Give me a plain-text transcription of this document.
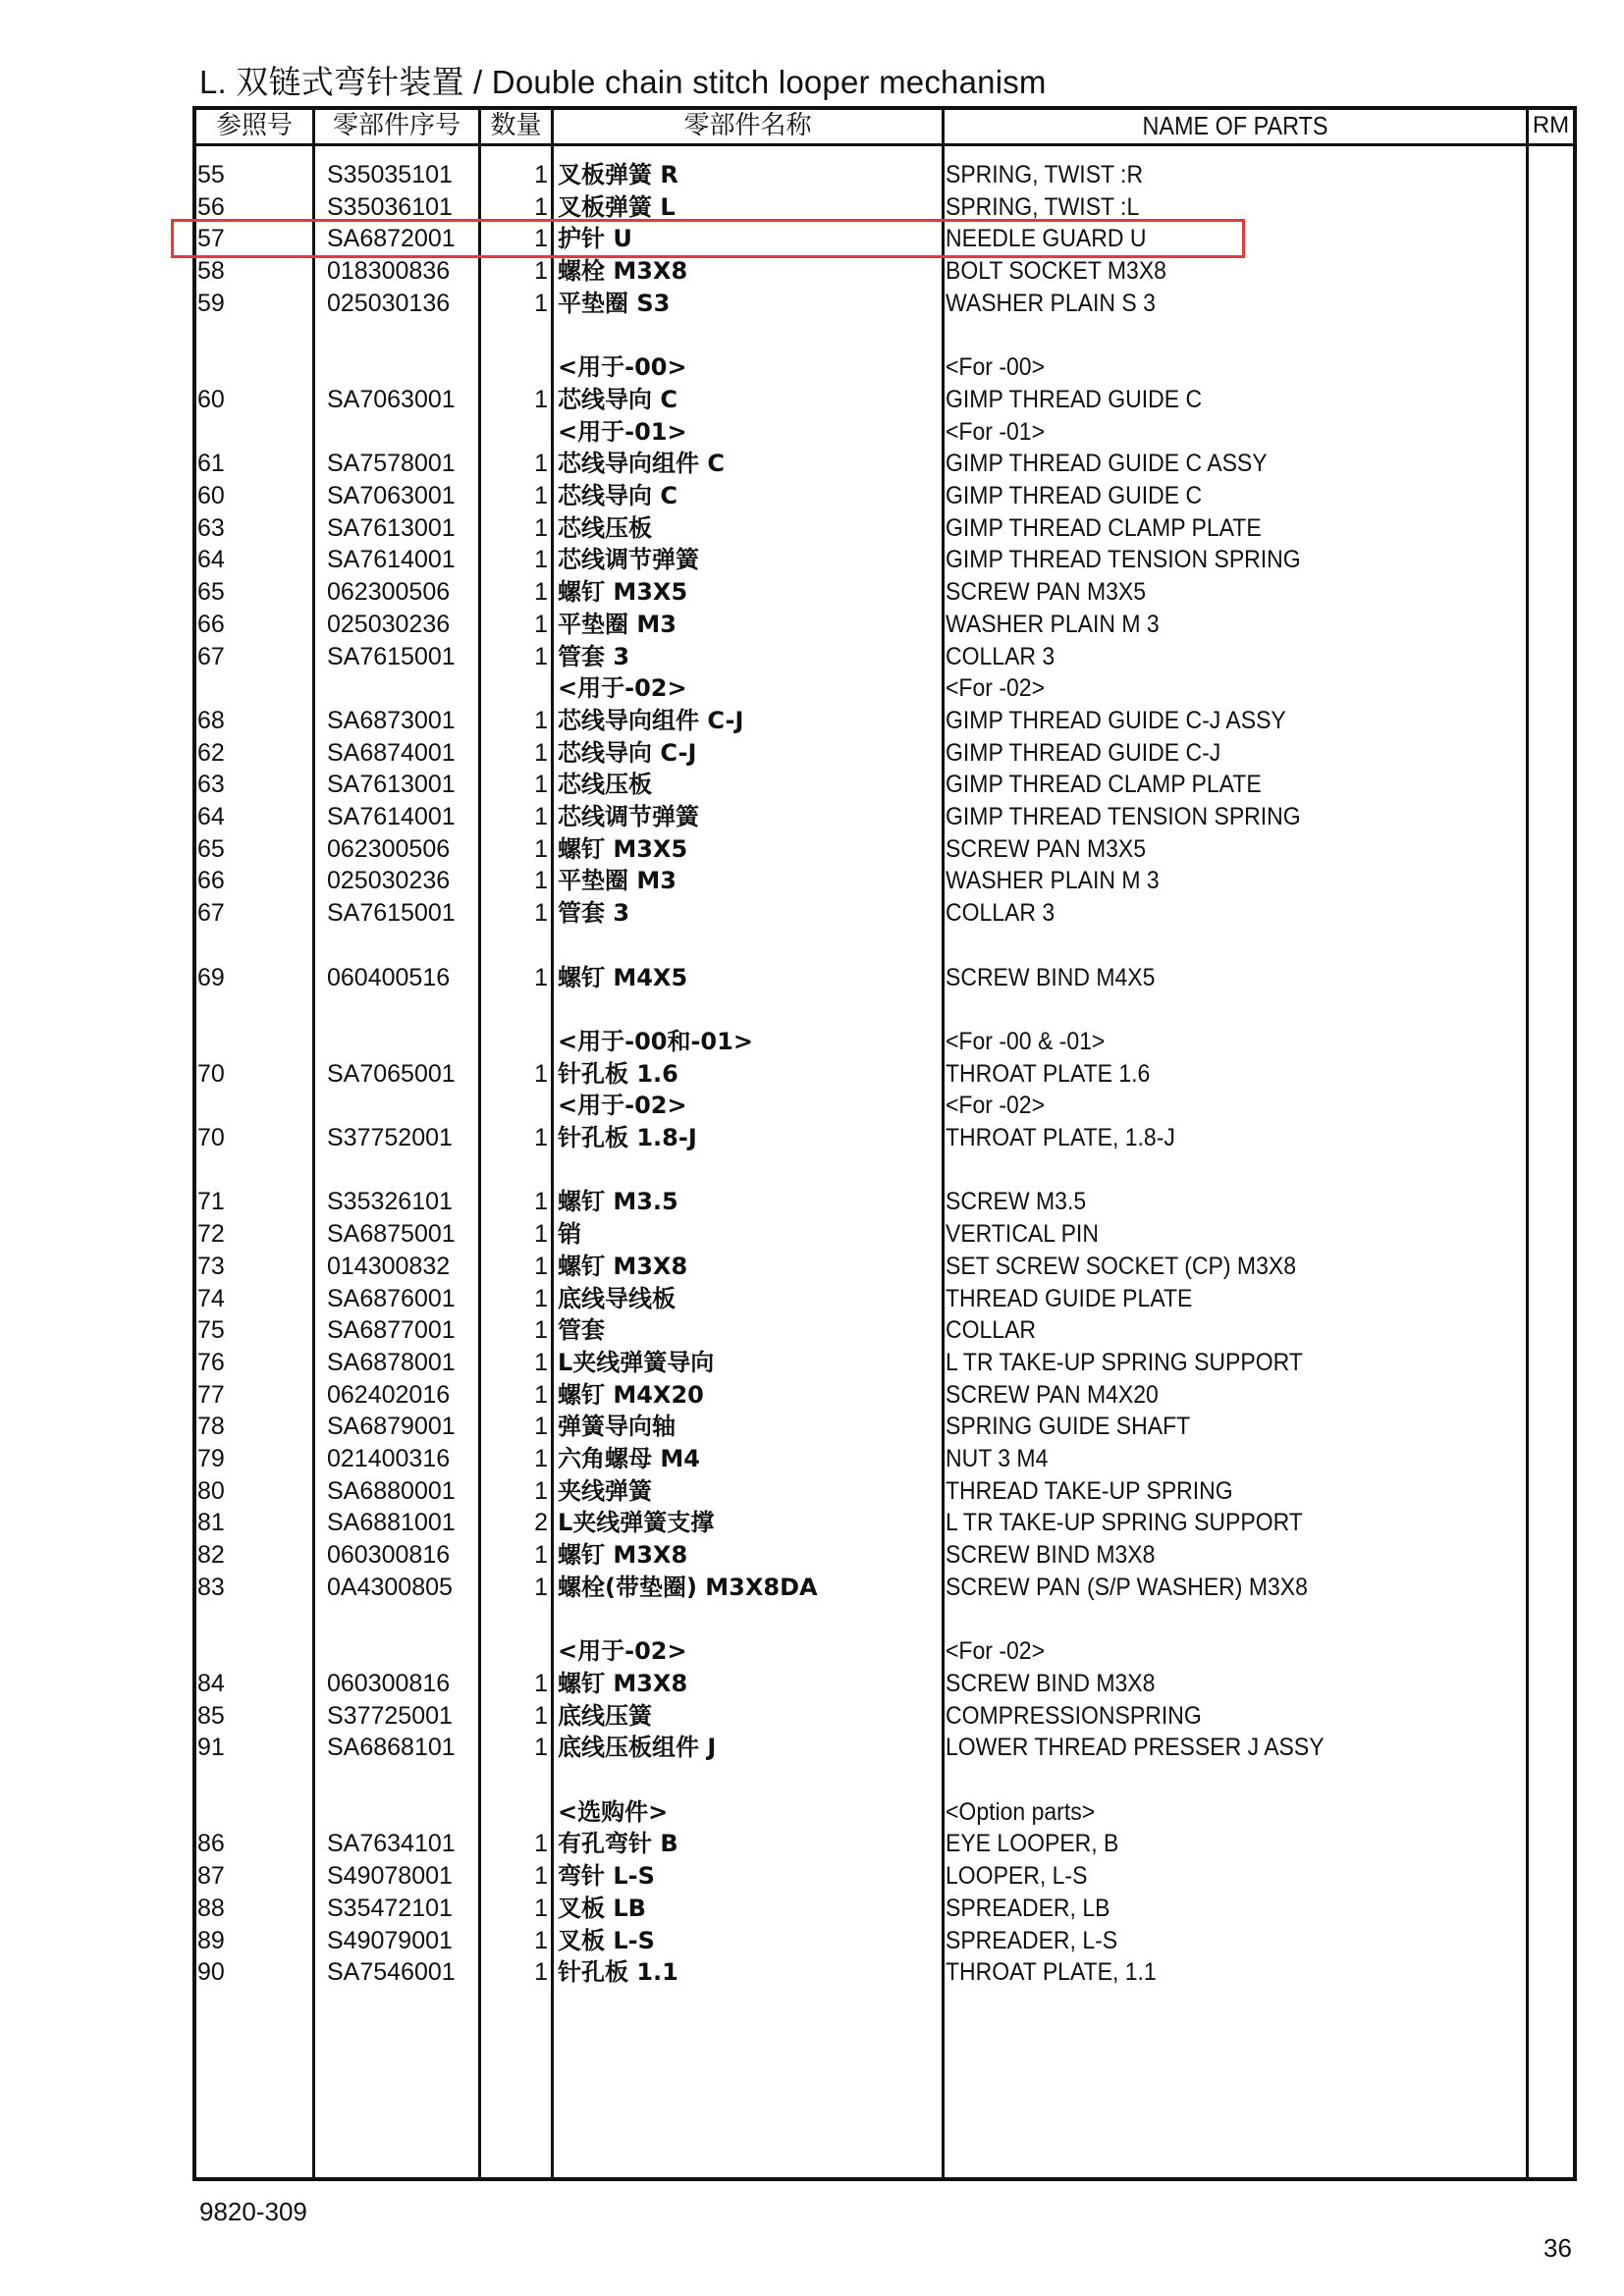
L. 双链式弯针装置 / Double chain stitch looper mechanism
参照号	零部件序号	数量	零部件名称	NAME OF PARTS	RM
55	S35035101	1 叉板弹簧 R	SPRING, TWIST :R
56	S35036101	1 叉板弹簧 L	SPRING, TWIST :L
57	SA6872001	1 护针 U	NEEDLE GUARD U
58	018300836	1 螺栓 M3X8	BOLT SOCKET M3X8
59	025030136	1 平垫圈 S3	WASHER PLAIN S 3
<用于-00>	<For -00>
60	SA7063001	1 芯线导向 C	GIMP THREAD GUIDE C
<用于-01>	<For -01>
61	SA7578001	1 芯线导向组件 C	GIMP THREAD GUIDE C ASSY
60	SA7063001	1 芯线导向 C	GIMP THREAD GUIDE C
63	SA7613001	1 芯线压板	GIMP THREAD CLAMP PLATE
64	SA7614001	1 芯线调节弹簧	GIMP THREAD TENSION SPRING
65	062300506	1 螺钉 M3X5	SCREW PAN M3X5
66	025030236	1 平垫圈 M3	WASHER PLAIN M 3
67	SA7615001	1 管套 3	COLLAR 3
<用于-02>	<For -02>
68	SA6873001	1 芯线导向组件 C-J	GIMP THREAD GUIDE C-J ASSY
62	SA6874001	1 芯线导向 C-J	GIMP THREAD GUIDE C-J
63	SA7613001	1 芯线压板	GIMP THREAD CLAMP PLATE
64	SA7614001	1 芯线调节弹簧	GIMP THREAD TENSION SPRING
65	062300506	1 螺钉 M3X5	SCREW PAN M3X5
66	025030236	1 平垫圈 M3	WASHER PLAIN M 3
67	SA7615001	1 管套 3	COLLAR 3
69	060400516	1 螺钉 M4X5	SCREW BIND M4X5
<用于-00和-01>	<For -00 & -01>
70	SA7065001	1 针孔板 1.6	THROAT PLATE 1.6
<用于-02>	<For -02>
70	S37752001	1 针孔板 1.8-J	THROAT PLATE, 1.8-J
71	S35326101	1 螺钉 M3.5	SCREW M3.5
72	SA6875001	1 销	VERTICAL PIN
73	014300832	1 螺钉 M3X8	SET SCREW SOCKET (CP) M3X8
74	SA6876001	1 底线导线板	THREAD GUIDE PLATE
75	SA6877001	1 管套	COLLAR
76	SA6878001	1 L夹线弹簧导向	L TR TAKE-UP SPRING SUPPORT
77	062402016	1 螺钉 M4X20	SCREW PAN M4X20
78	SA6879001	1 弹簧导向轴	SPRING GUIDE SHAFT
79	021400316	1 六角螺母 M4	NUT 3 M4
80	SA6880001	1 夹线弹簧	THREAD TAKE-UP SPRING
81	SA6881001	2 L夹线弹簧支撑	L TR TAKE-UP SPRING SUPPORT
82	060300816	1 螺钉 M3X8	SCREW BIND M3X8
83	0A4300805	1 螺栓(带垫圈) M3X8DA	SCREW PAN (S/P WASHER) M3X8
<用于-02>	<For -02>
84	060300816	1 螺钉 M3X8	SCREW BIND M3X8
85	S37725001	1 底线压簧	COMPRESSIONSPRING
91	SA6868101	1 底线压板组件 J	LOWER THREAD PRESSER J ASSY
<选购件>	<Option parts>
86	SA7634101	1 有孔弯针 B	EYE LOOPER, B
87	S49078001	1 弯针 L-S	LOOPER, L-S
88	S35472101	1 叉板 LB	SPREADER, LB
89	S49079001	1 叉板 L-S	SPREADER, L-S
90	SA7546001	1 针孔板 1.1	THROAT PLATE, 1.1
9820-309
36
